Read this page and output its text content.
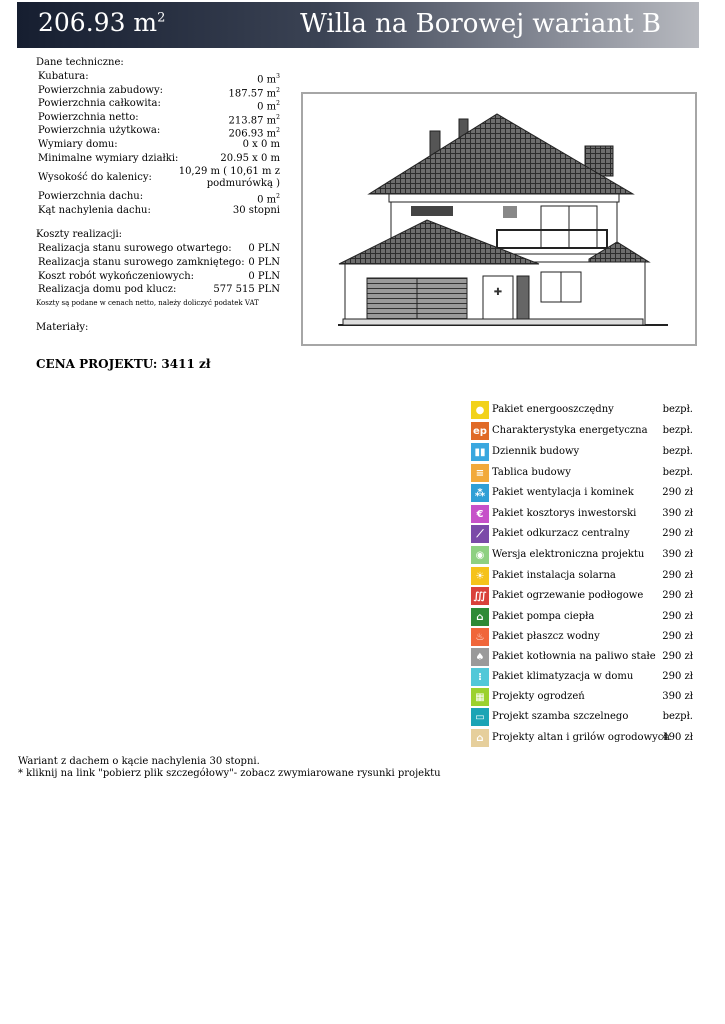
206.93 $m^2$	Willa na Borowej wariant B
Dane techniczne:
Kubatura:	0 $m^3$
Powierzchnia zabudowy:	187.57 $m^2$
Powierzchnia całkowita:	0 $m^2$
Powierzchnia netto:	213.87 $m^2$
Powierzchnia użytkowa:	206.93 $m^2$
Wymiary domu:	0 x 0 m
Minimalne wymiary działki:	20.95 x 0 m
Wysokość do kalenicy:
10,29 m ( 10,61 m z
podmurówką )
Powierzchnia dachu:	0 $m^2$
Kąt nachylenia dachu:	30 stopni
Koszty realizacji:
Realizacja stanu surowego otwartego: 0 PLN
Realizacja stanu surowego zamkniętego: 0 PLN
Koszt robót wykończeniowych:	0 PLN
Realizacja domu pod klucz:	577 515 PLN
Koszty są podane w cenach netto, należy doliczyć podatek VAT
Materiały:
CENA PROJEKTU: 3411 zł
✚
● Pakiet energooszczędny	bezpł.
ep Charakterystyka energetyczna bezpł.
▮▮ Dziennik budowy	bezpł.
≡ Tablica budowy	bezpł.
⁂ Pakiet wentylacja i kominek	290 zł
€ Pakiet kosztorys inwestorski	390 zł
⟋ Pakiet odkurzacz centralny	290 zł
◉ Wersja elektroniczna projektu 390 zł
☀ Pakiet instalacja solarna	290 zł
∭ Pakiet ogrzewanie podłogowe 290 zł
⌂ Pakiet pompa ciepła	290 zł
♨ Pakiet płaszcz wodny	290 zł
♠ Pakiet kotłownia na paliwo stałe 290 zł
⁝	Pakiet klimatyzacja w domu	290 zł
▦ Projekty ogrodzeń	390 zł
▭ Projekt szamba szczelnego	bezpł.
⌂ Projekty altan i grilów ogrodowych
490 zł
Wariant z dachem o kącie nachylenia 30 stopni.
* kliknij na link "pobierz plik szczegółowy"- zobacz zwymiarowane rysunki projektu
